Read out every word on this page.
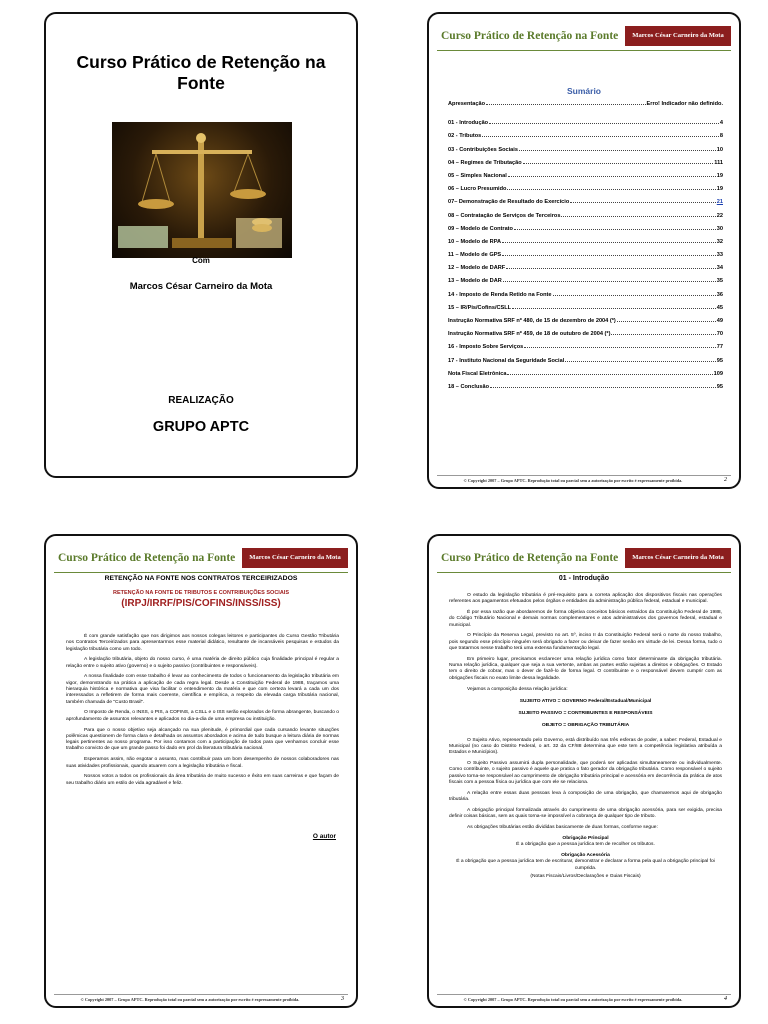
Curso Prático de Retenção na Fonte
Com
Marcos César Carneiro da Mota
REALIZAÇÃO
GRUPO APTC
Curso Prático de Retenção na Fonte	Marcos César Carneiro da Mota
Sumário
Apresentação	Erro! Indicador não definido.
01 - Introdução	4
02 - Tributos	8
03 - Contribuições Sociais	10
04 – Regimes de Tributação	111
05 – Simples Nacional	19
06 – Lucro Presumido	19
07– Demonstração de Resultado do Exercício	21
08 – Contratação de Serviços de Terceiros	22
09 – Modelo de Contrato	30
10 – Modelo de RPA	32
11 – Modelo de GPS	33
12 – Modelo de DARF	34
13 – Modelo de DAR	35
14 - Imposto de Renda Retido na Fonte	36
15 – IR/Pis/Cofins/CSLL	45
Instrução Normativa SRF nº 480, de 15 de dezembro de 2004 (*)	49
Instrução Normativa SRF nº 459, de 18 de outubro de 2004 (*)	70
16 - Imposto Sobre Serviços	77
17 - Instituto Nacional da Seguridade Social	95
Nota Fiscal Eletrônica	109
18 – Conclusão	95
© Copyright 2007 – Grupo APTC. Reprodução total ou parcial sem a autorização por escrito é expressamente proibida.	2
Curso Prático de Retenção na Fonte	Marcos César Carneiro da Mota
RETENÇÃO NA FONTE NOS CONTRATOS TERCEIRIZADOS
RETENÇÃO NA FONTE DE TRIBUTOS E CONTRIBUIÇÕES SOCIAIS
(IRPJ/IRRF/PIS/COFINS/INSS/ISS)

É com grande satisfação que nos dirigimos aos nossos colegas leitores e participantes do Curso Gestão Tributária nos Contratos Terceirizados para apresentarmos esse material didático, resultante de incansáveis pesquisas e estudos da legislação tributária como um todo.

A legislação tributária, objeto do nosso curso, é uma matéria de direito público cuja finalidade principal é regular a relação entre o sujeito ativo (governo) e o sujeito passivo (contribuintes e responsáveis).

A nossa finalidade com esse trabalho é levar ao conhecimento de todos o funcionamento da legislação tributária em vigor, demonstrando na prática a aplicação de cada regra legal. Desde a Constituição Federal de 1988, traçamos uma hierarquia histórica e normativa que visa facilitar o entendimento da matéria e que com certeza levará a cada um dos interessados a refletirem de forma mais coerente, científica e empírica, a respeito da elevada carga tributária nacional, também chamada de "Custo Brasil".

O Imposto de Renda, o INSS, o PIS, a COFINS, a CSLL e o ISS serão explorados de forma abrangente, buscando o aprofundamento de assuntos relevantes e aplicados no dia-a-dia de uma empresa ou instituição.

Para que o nosso objetivo seja alcançado na sua plenitude, é primordial que cada cursando levante situações polêmicas questionem de forma clara e detalhada os assuntos abordados e acima de tudo busque a leitura diária de normas legais pertinentes ao nosso programa. Por isso contamos com a participação de todos para que venhamos concluir esse trabalho convicto de que um grande passo foi dado em prol da literatura tributária nacional.

Esperamos assim, não esgotar o assunto, mas contribuir para um bom desempenho de nossos colaboradores nas suas atividades profissionais, quando atuarem com a legislação tributária e fiscal.

Nossos votos a todos os profissionais da área tributária de muito sucesso e êxito em suas carreiras e que façam de seu trabalho diário um estilo de vida agradável e feliz.

O autor
© Copyright 2007 – Grupo APTC. Reprodução total ou parcial sem a autorização por escrito é expressamente proibida.	3
Curso Prático de Retenção na Fonte	Marcos César Carneiro da Mota
01 - Introdução

O estudo da legislação tributária é pré-requisito para a correta aplicação dos dispositivos fiscais nas operações referentes aos pagamentos efetuados pelos órgãos e entidades da administração pública federal, estadual e municipal.

É por essa razão que abordaremos de forma objetiva conceitos básicos extraídos da Constituição Federal de 1988, do Código Tributário Nacional e demais normas complementares e atos administrativos dos governos federal, estadual e municipal.

O Princípio da Reserva Legal, previsto no art. 5º, inciso II da Constituição Federal será o norte do nosso trabalho, pois segundo esse princípio ninguém será obrigado a fazer ou deixar de fazer senão em virtude de lei. Dessa forma, tudo o que tratarmos nesse trabalho terá uma extensa fundamentação legal.

Em primeiro lugar, precisamos esclarecer uma relação jurídica como fator determinante da obrigação tributária. Numa relação jurídica, qualquer que seja a sua vertente, ambas as partes estão sujeitas a direitos e obrigações. O Estado tem o direito de cobrar, mas o dever de fazê-lo de forma legal. O contribuinte e o responsável devem cumprir com as obrigações fiscais no exato limite dessa legalidade.

Vejamos a composição dessa relação jurídica:

SUJEITO ATIVO = GOVERNO Federal/Estadual/Municipal

SUJEITO PASSIVO = CONTRIBUINTES E RESPONSÁVEIS

OBJETO = OBRIGAÇÃO TRIBUTÁRIA

O Sujeito Ativo, representado pelo Governo, está distribuído nas três esferas de poder, a saber: Federal, Estadual e Municipal (no caso do Distrito Federal, o art. 32 da CF/88 determina que este tem a competência legislativa atribuída a Estados e Municípios).

O Sujeito Passivo assumirá dupla personalidade, que poderá ser aplicadas simultaneamente ou individualmente. Como contribuinte, o sujeito passivo é aquele que pratica o fato gerador da obrigação tributária. Como responsável o sujeito passivo torna-se responsável ao cumprimento de obrigação tributária principal e acessória em decorrência da prática de atos fiscais com a pessoa física ou jurídica que com ele se relaciona.

A relação entre essas duas pessoas leva à composição de uma obrigação, que chamaremos aqui de obrigação tributária.

A obrigação principal formalizada através do cumprimento de uma obrigação acessória, para ser exigida, precisa definir coisas básicas, sem as quais torna-se impossível a cobrança de qualquer tipo de tributo.

As obrigações tributárias estão divididas basicamente de duas formas, conforme segue:

Obrigação Principal

É a obrigação que a pessoa jurídica tem de recolher os tributos.

Obrigação Acessória

É a obrigação que a pessoa jurídica tem de escriturar, demonstrar e declarar a forma pela qual a obrigação principal foi cumprida.

(Notas Fiscais/Livros/Declarações e Guias Fiscais)

© Copyright 2007 – Grupo APTC. Reprodução total ou parcial sem a autorização por escrito é expressamente proibida.	4
